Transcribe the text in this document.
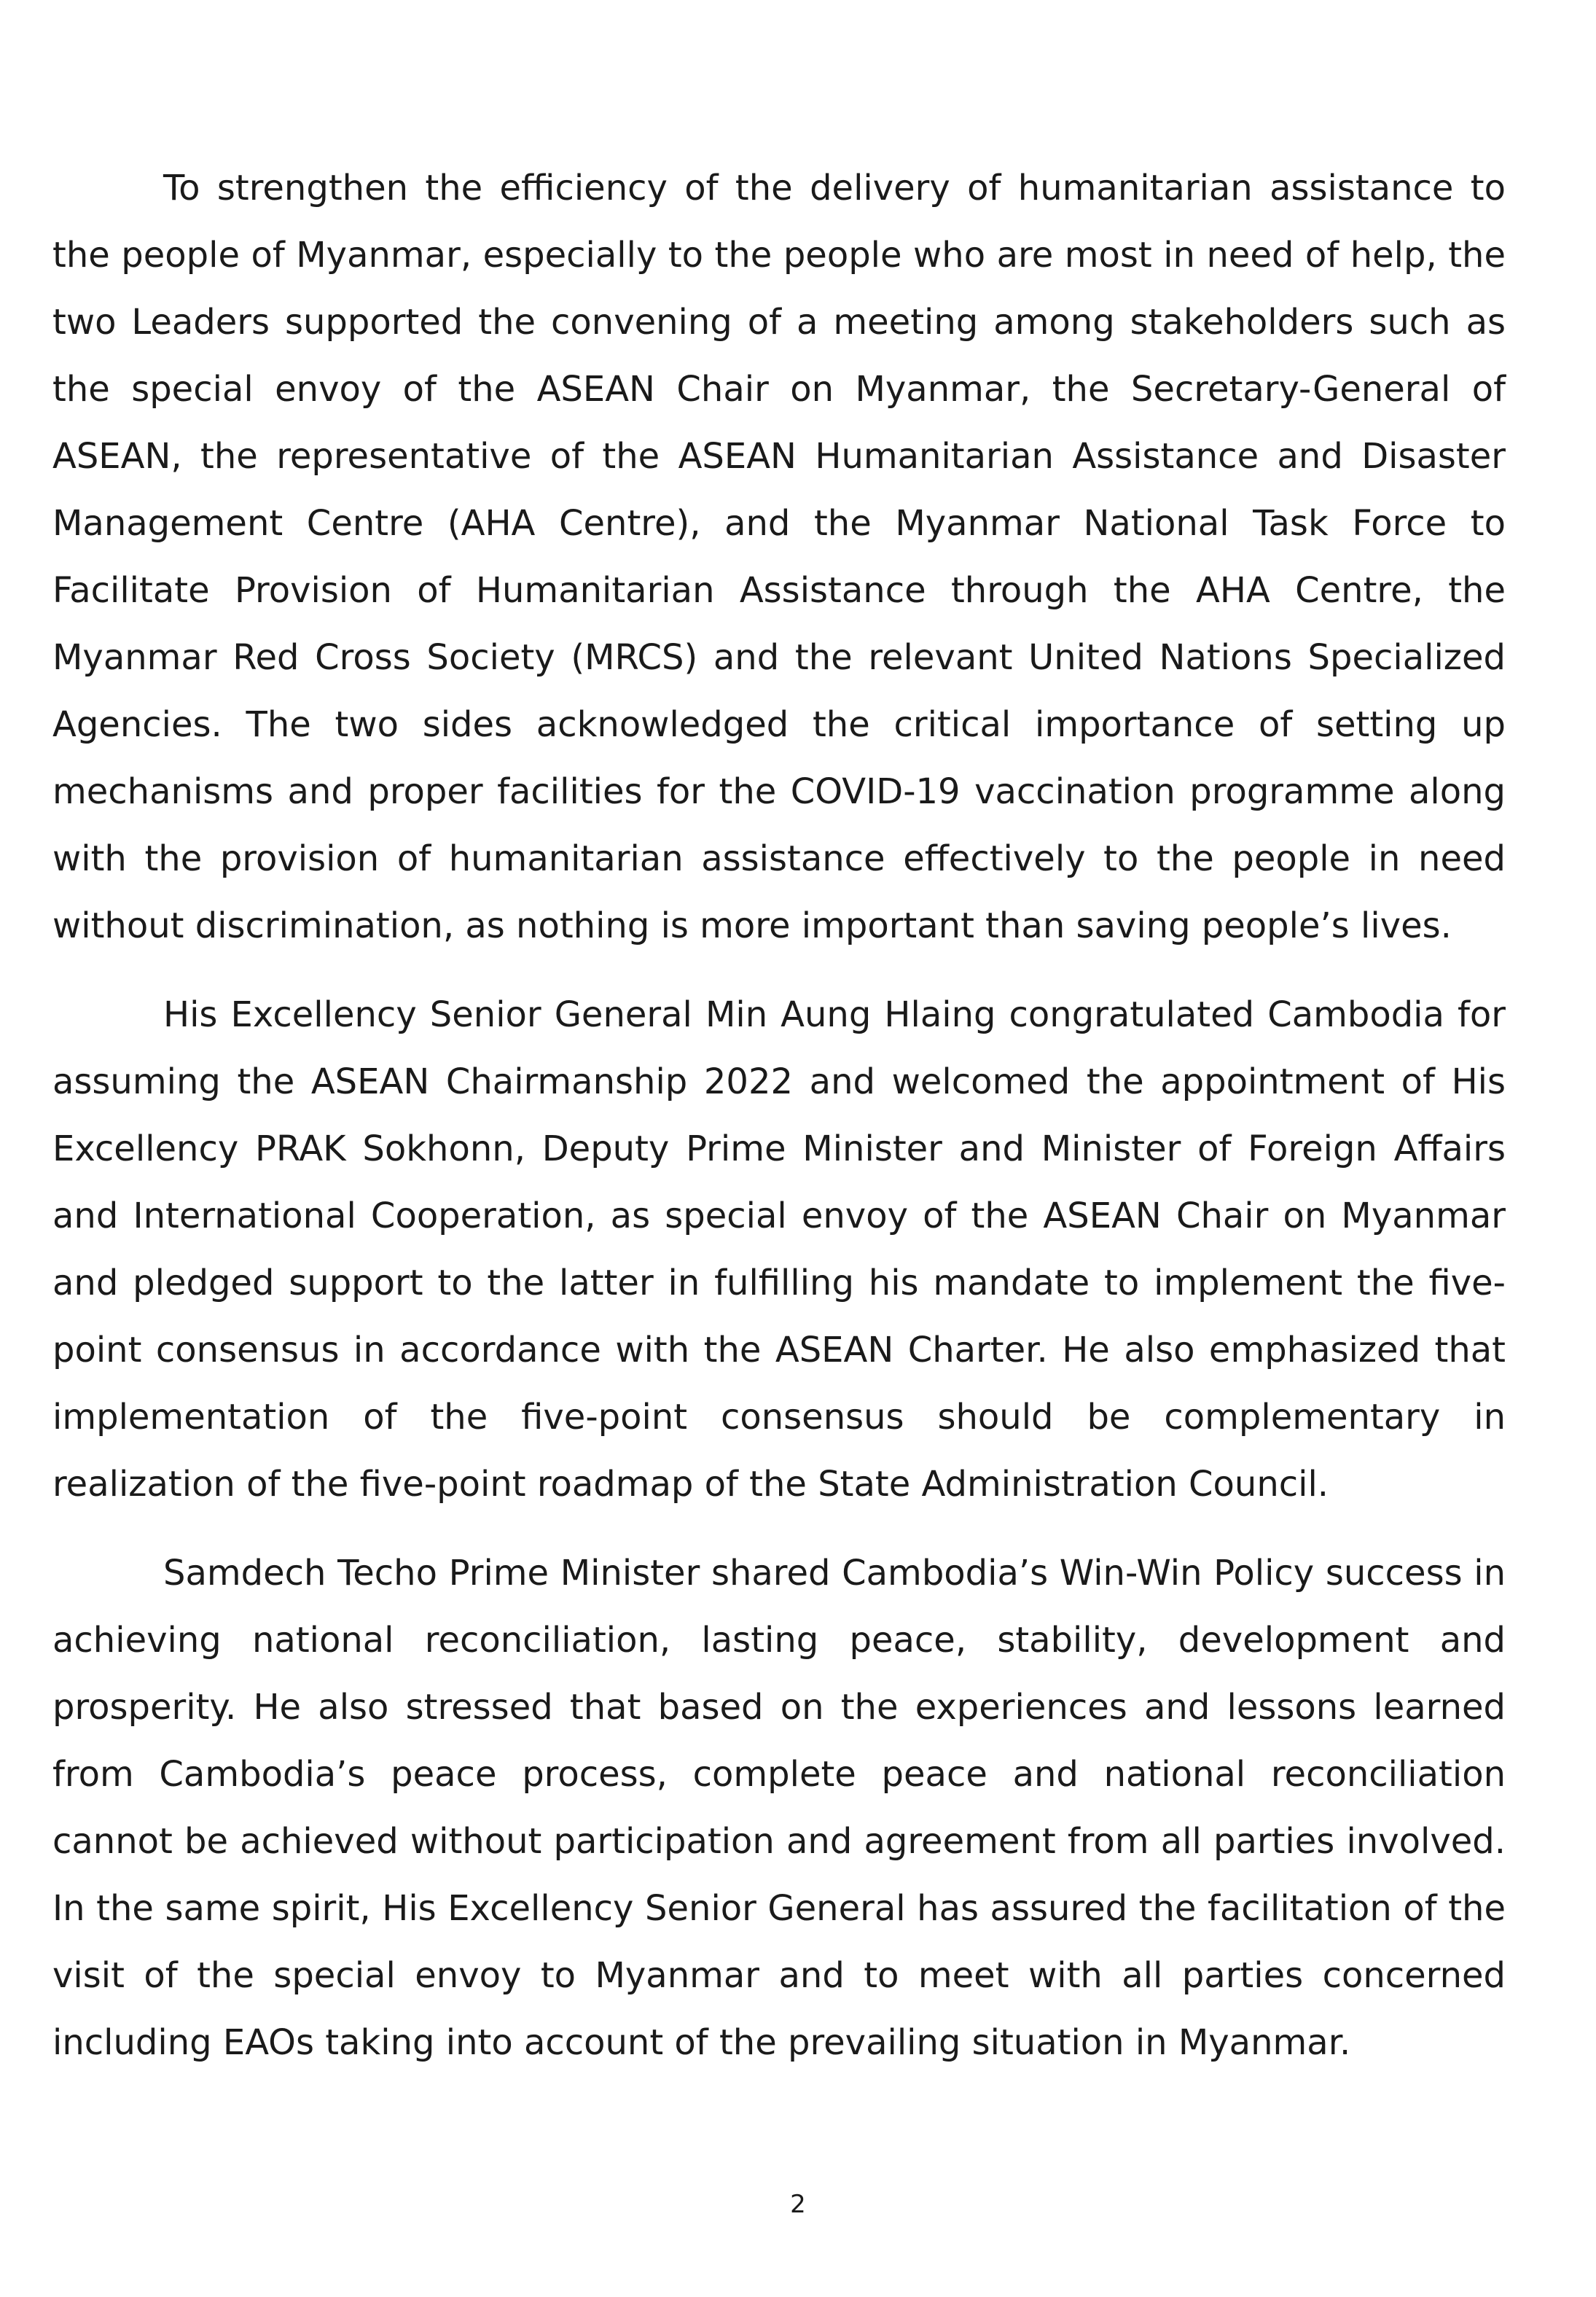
To strengthen the efficiency of the delivery of humanitarian assistance to the people of Myanmar, especially to the people who are most in need of help, the two Leaders supported the convening of a meeting among stakeholders such as the special envoy of the ASEAN Chair on Myanmar, the Secretary-General of ASEAN, the representative of the ASEAN Humanitarian Assistance and Disaster Management Centre (AHA Centre), and the Myanmar National Task Force to Facilitate Provision of Humanitarian Assistance through the AHA Centre, the Myanmar Red Cross Society (MRCS) and the relevant United Nations Specialized Agencies. The two sides acknowledged the critical importance of setting up mechanisms and proper facilities for the COVID-19 vaccination programme along with the provision of humanitarian assistance effectively to the people in need without discrimination, as nothing is more important than saving people’s lives.

His Excellency Senior General Min Aung Hlaing congratulated Cambodia for assuming the ASEAN Chairmanship 2022 and welcomed the appointment of His Excellency PRAK Sokhonn, Deputy Prime Minister and Minister of Foreign Affairs and International Cooperation, as special envoy of the ASEAN Chair on Myanmar and pledged support to the latter in fulfilling his mandate to implement the five-point consensus in accordance with the ASEAN Charter. He also emphasized that implementation of the five-point consensus should be complementary in realization of the five-point roadmap of the State Administration Council.

Samdech Techo Prime Minister shared Cambodia’s Win-Win Policy success in achieving national reconciliation, lasting peace, stability, development and prosperity. He also stressed that based on the experiences and lessons learned from Cambodia’s peace process, complete peace and national reconciliation cannot be achieved without participation and agreement from all parties involved. In the same spirit, His Excellency Senior General has assured the facilitation of the visit of the special envoy to Myanmar and to meet with all parties concerned including EAOs taking into account of the prevailing situation in Myanmar.

2
